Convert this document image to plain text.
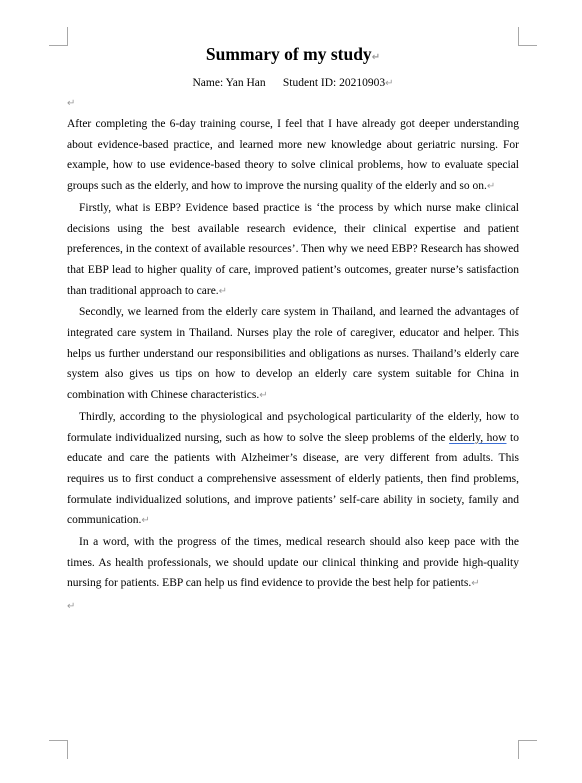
Summary of my study↵
Name: Yan Han      Student ID: 20210903↵
↵

After completing the 6-day training course, I feel that I have already got deeper understanding about evidence-based practice, and learned more new knowledge about geriatric nursing. For example, how to use evidence-based theory to solve clinical problems, how to evaluate special groups such as the elderly, and how to improve the nursing quality of the elderly and so on.↵

Firstly, what is EBP? Evidence based practice is ‘the process by which nurse make clinical decisions using the best available research evidence, their clinical expertise and patient preferences, in the context of available resources’. Then why we need EBP? Research has showed that EBP lead to higher quality of care, improved patient’s outcomes, greater nurse’s satisfaction than traditional approach to care.↵

Secondly, we learned from the elderly care system in Thailand, and learned the advantages of integrated care system in Thailand. Nurses play the role of caregiver, educator and helper. This helps us further understand our responsibilities and obligations as nurses. Thailand’s elderly care system also gives us tips on how to develop an elderly care system suitable for China in combination with Chinese characteristics.↵

Thirdly, according to the physiological and psychological particularity of the elderly, how to formulate individualized nursing, such as how to solve the sleep problems of the elderly, how to educate and care the patients with Alzheimer’s disease, are very different from adults. This requires us to first conduct a comprehensive assessment of elderly patients, then find problems, formulate individualized solutions, and improve patients’ self-care ability in society, family and communication.↵

In a word, with the progress of the times, medical research should also keep pace with the times. As health professionals, we should update our clinical thinking and provide high-quality nursing for patients. EBP can help us find evidence to provide the best help for patients.↵

↵
